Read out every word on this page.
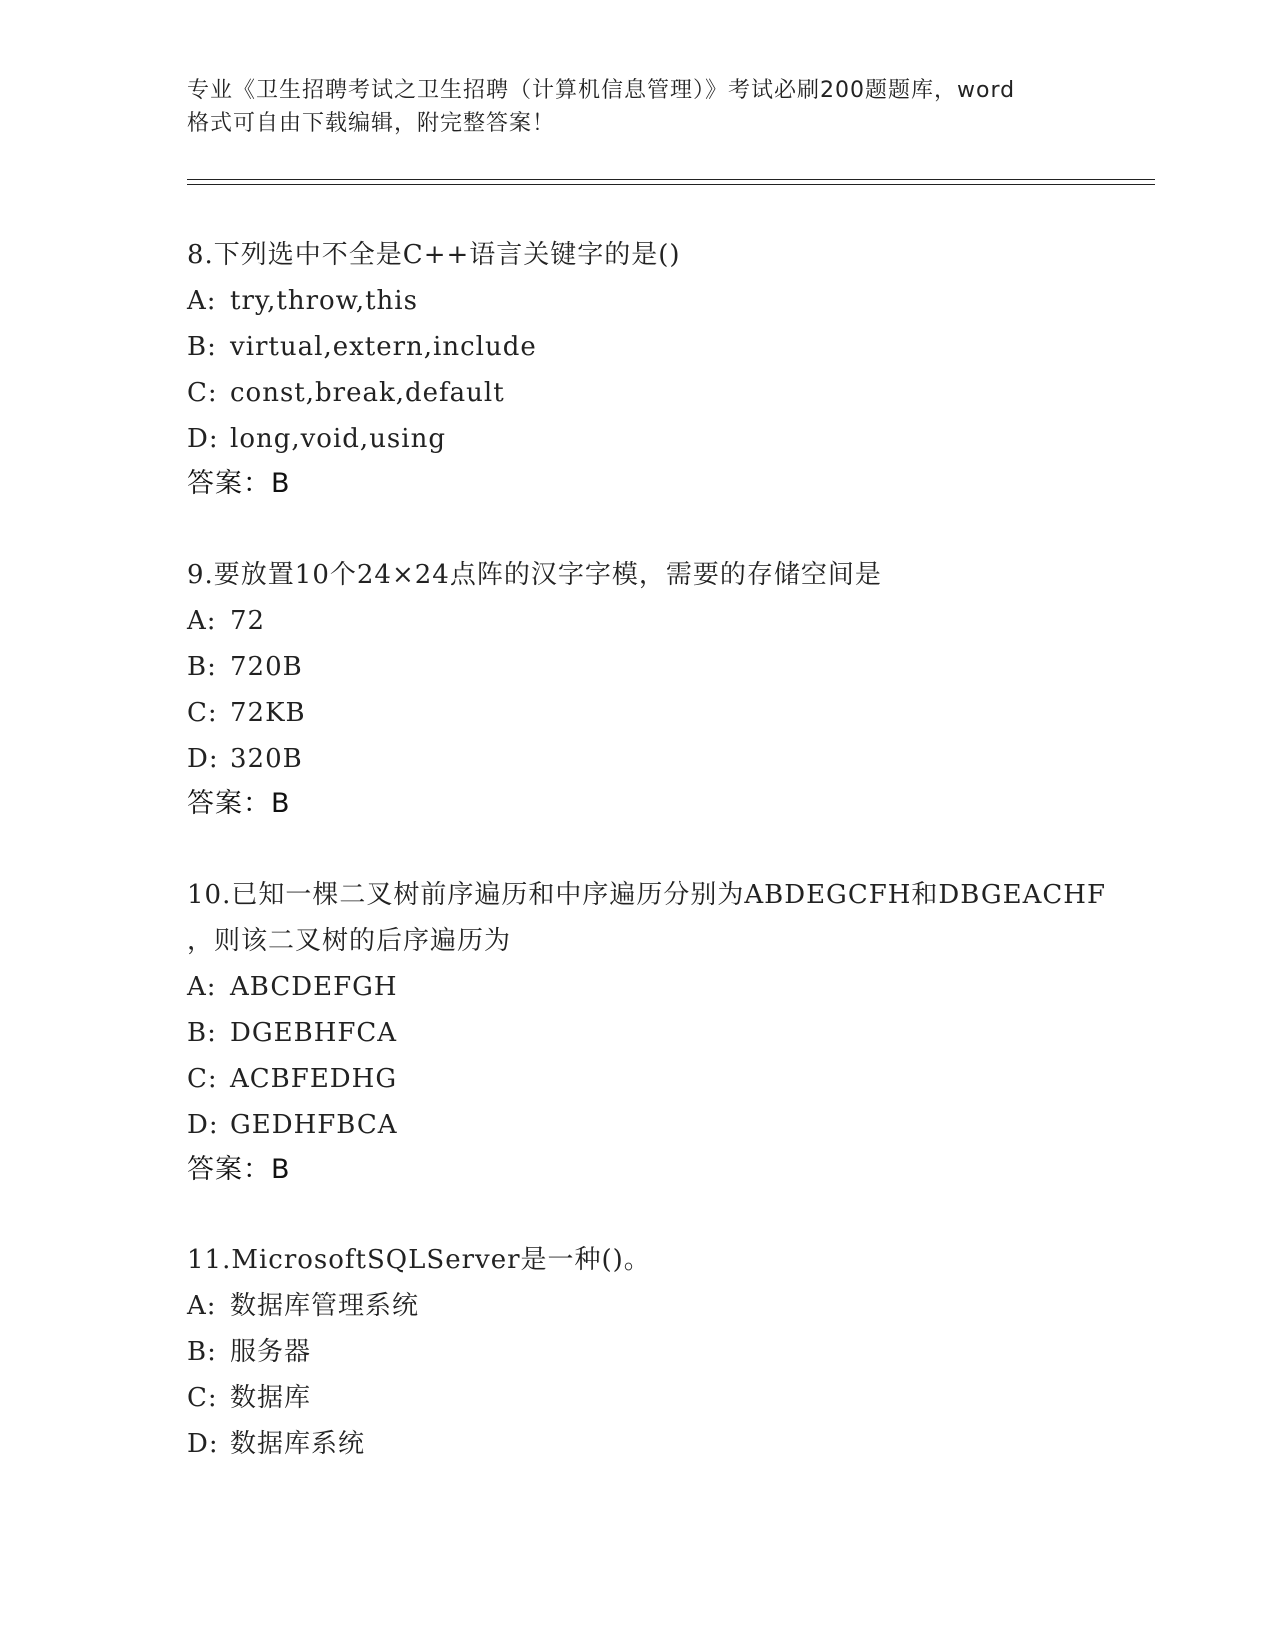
专业《卫生招聘考试之卫生招聘（计算机信息管理）》考试必刷200题题库，word
格式可自由下载编辑，附完整答案！
8.下列选中不全是C++语言关键字的是()
A: try,throw,this
B: virtual,extern,include
C: const,break,default
D: long,void,using
答案：B
9.要放置10个24×24点阵的汉字字模，需要的存储空间是
A: 72
B: 720B
C: 72KB
D: 320B
答案：B
10.已知一棵二叉树前序遍历和中序遍历分别为ABDEGCFH和DBGEACHF
，则该二叉树的后序遍历为
A: ABCDEFGH
B: DGEBHFCA
C: ACBFEDHG
D: GEDHFBCA
答案：B
11.MicrosoftSQLServer是一种()。
A: 数据库管理系统
B: 服务器
C: 数据库
D: 数据库系统
